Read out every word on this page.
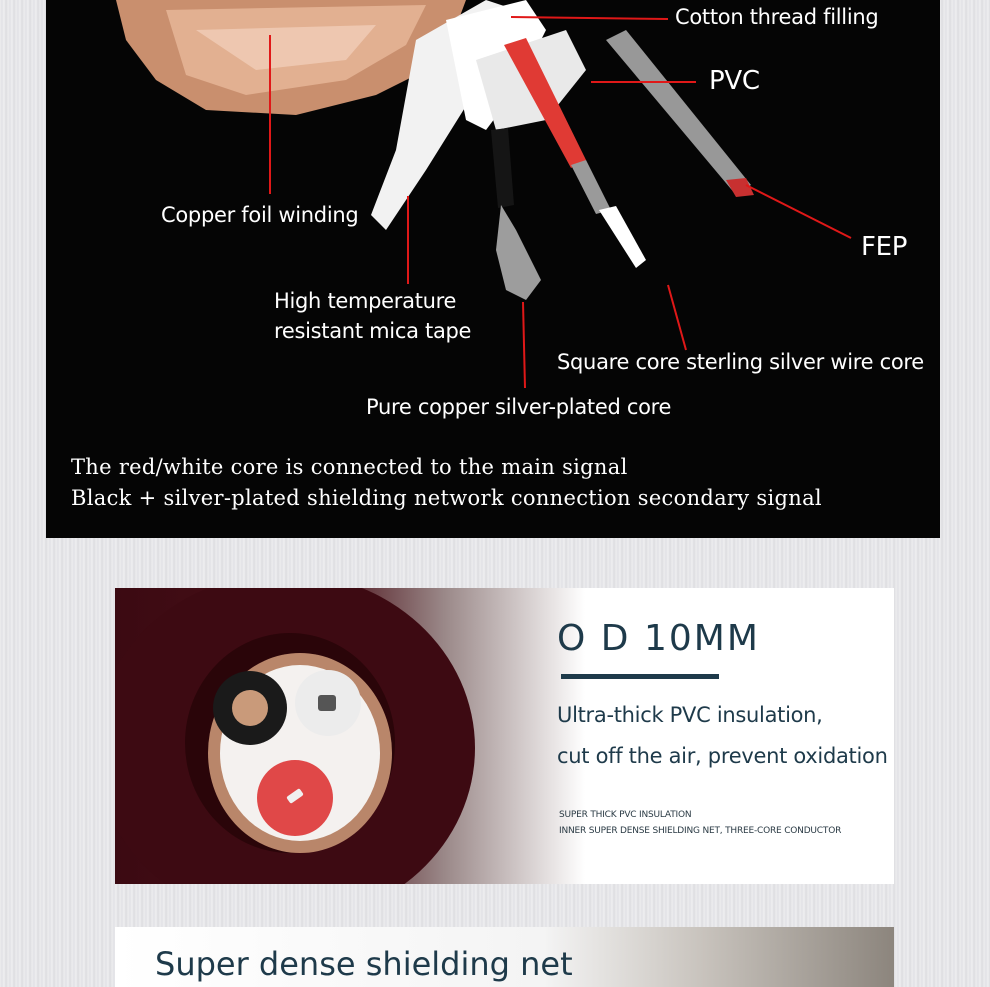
Cotton thread filling
PVC
Copper foil winding
FEP
High temperature
resistant mica tape
Square core sterling silver wire core
Pure copper silver-plated core
The red/white core is connected to the main signal
Black + silver-plated shielding network connection secondary signal
O D 10MM
Ultra-thick PVC insulation,
cut off the air, prevent oxidation
SUPER THICK PVC INSULATION
INNER SUPER DENSE SHIELDING NET, THREE-CORE CONDUCTOR
Super dense shielding net
